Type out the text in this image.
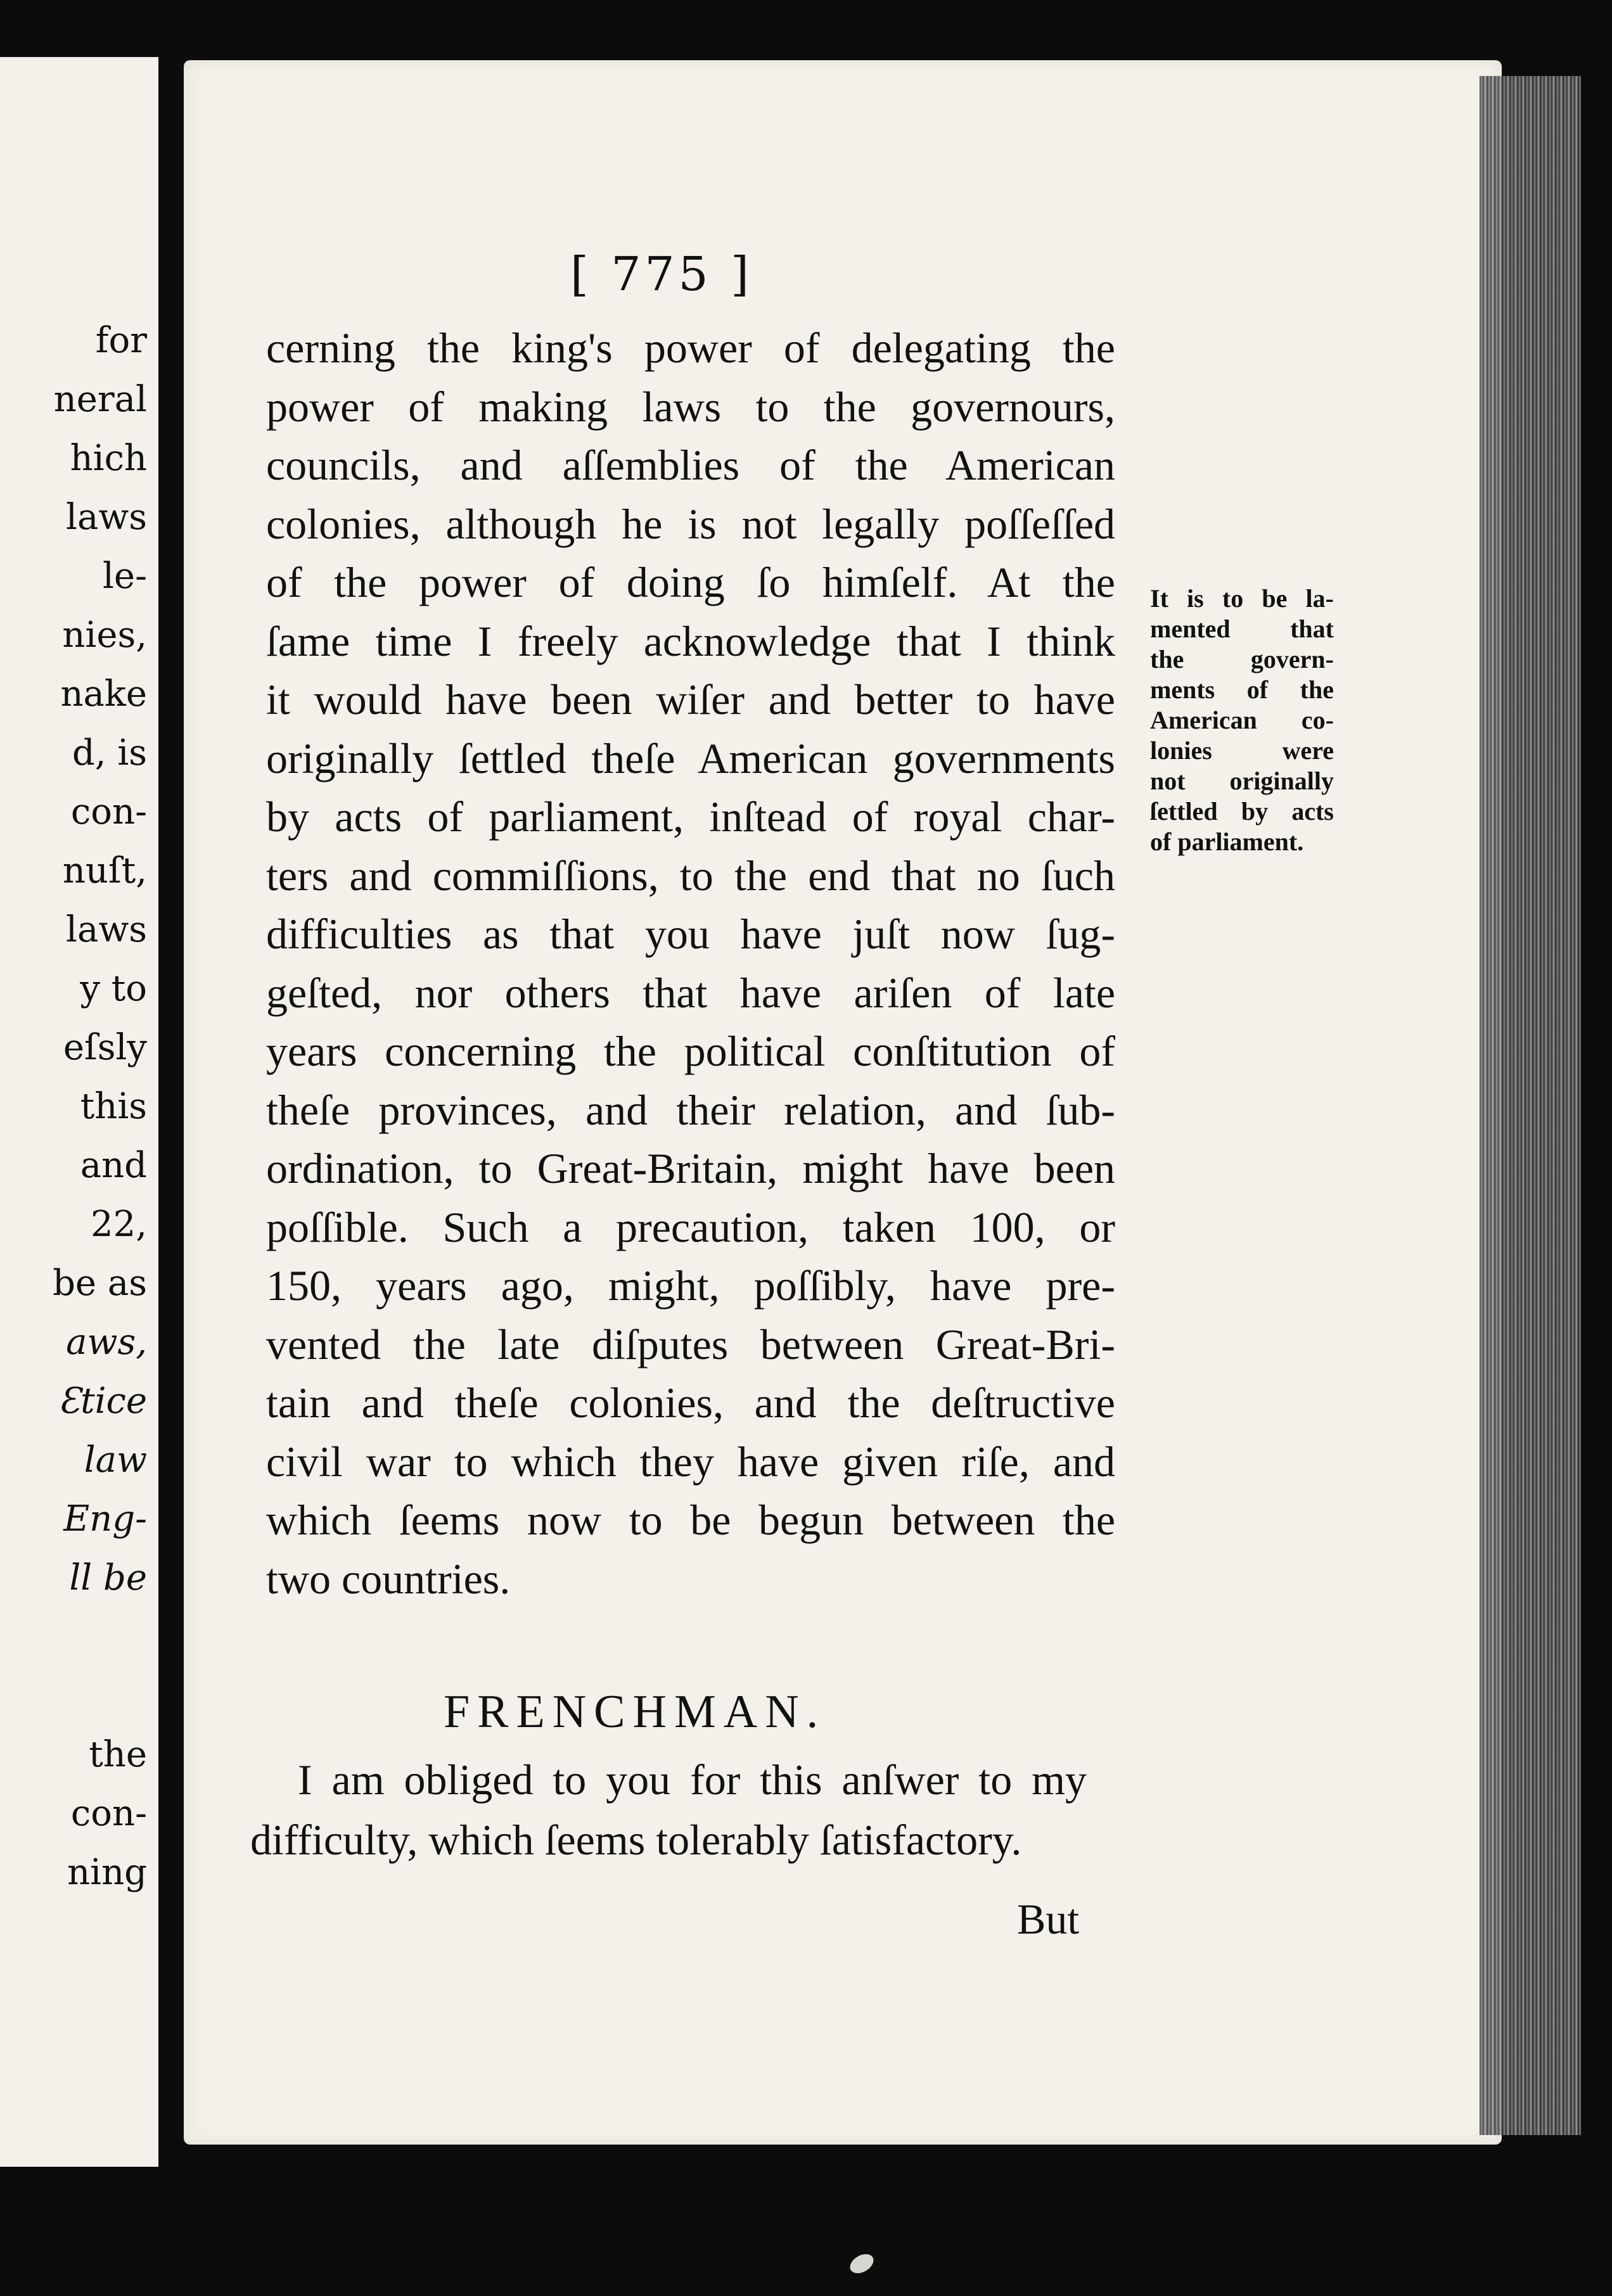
for
neral
hich
laws
le-
nies,
nake
d, is
con-
nuſt,
laws
y to
eſsly
this
and
22,
be as
aws,
Ɛtice
law
Eng-
ll be
the
con-
ning
[ 775 ]
FRENCHMAN.
But
cerning the king's power of delegating the
power of making laws to the governours,
councils, and aſſemblies of the American
colonies, although he is not legally poſſeſſed
of the power of doing ſo himſelf. At the
ſame time I freely acknowledge that I think
it would have been wiſer and better to have
originally ſettled theſe American governments
by acts of parliament, inſtead of royal char-
ters and commiſſions, to the end that no ſuch
difficulties as that you have juſt now ſug-
geſted, nor others that have ariſen of late
years concerning the political conſtitution of
theſe provinces, and their relation, and ſub-
ordination, to Great-Britain, might have been
poſſible. Such a precaution, taken 100, or
150, years ago, might, poſſibly, have pre-
vented the late diſputes between Great-Bri-
tain and theſe colonies, and the deſtructive
civil war to which they have given riſe, and
which ſeems now to be begun between the
two countries.
I am obliged to you for this anſwer to my
difficulty, which ſeems tolerably ſatisfactory.
It is to be la-
mented that
the govern-
ments of the
American co-
lonies were
not originally
ſettled by acts
of parliament.
